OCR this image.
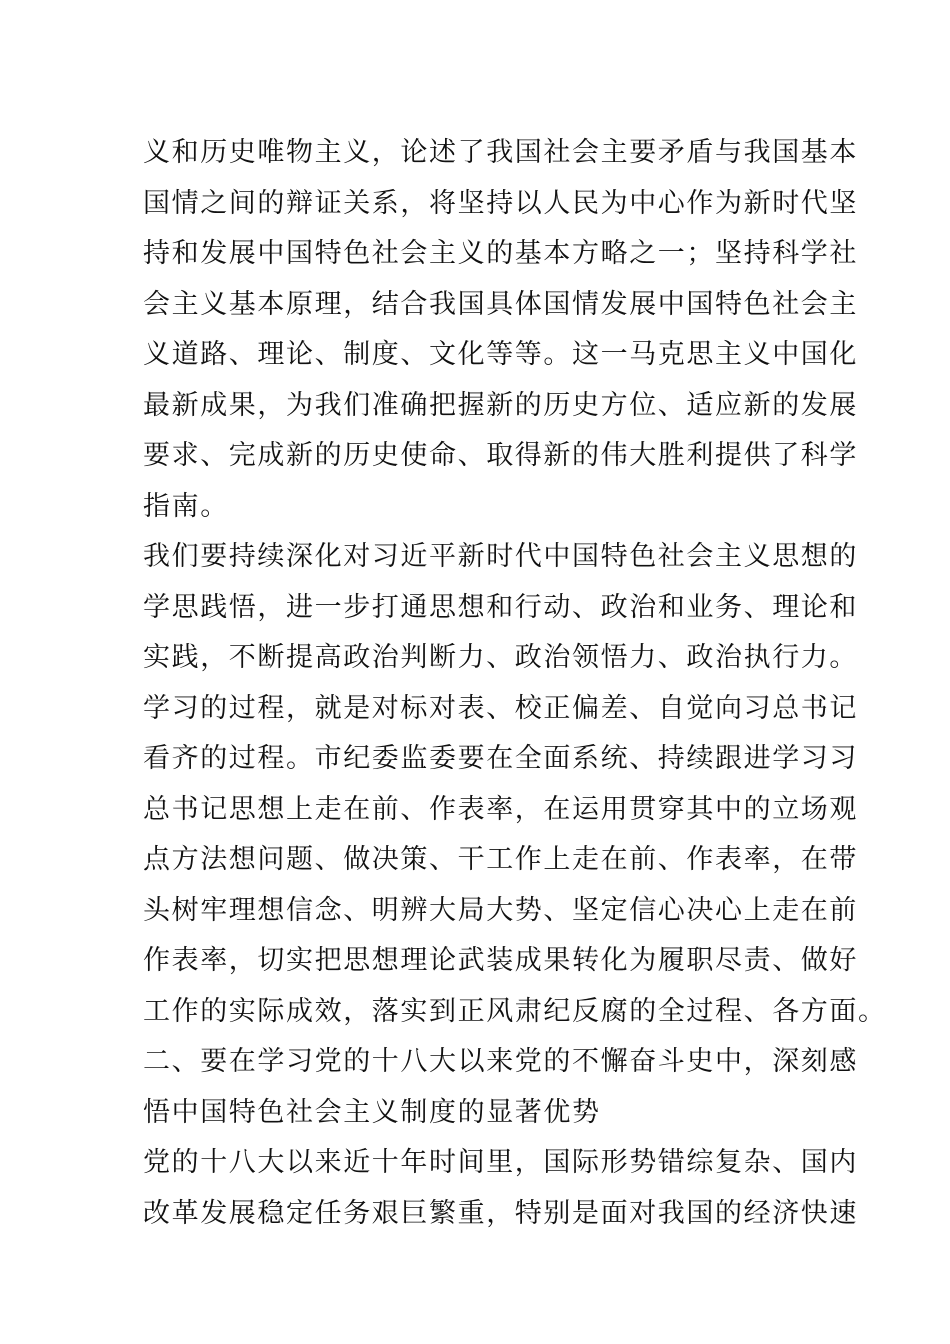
义和历史唯物主义，论述了我国社会主要矛盾与我国基本
国情之间的辩证关系，将坚持以人民为中心作为新时代坚
持和发展中国特色社会主义的基本方略之一；坚持科学社
会主义基本原理，结合我国具体国情发展中国特色社会主
义道路、理论、制度、文化等等。这一马克思主义中国化
最新成果，为我们准确把握新的历史方位、适应新的发展
要求、完成新的历史使命、取得新的伟大胜利提供了科学
指南。
我们要持续深化对习近平新时代中国特色社会主义思想的
学思践悟，进一步打通思想和行动、政治和业务、理论和
实践，不断提高政治判断力、政治领悟力、政治执行力。
学习的过程，就是对标对表、校正偏差、自觉向习总书记
看齐的过程。市纪委监委要在全面系统、持续跟进学习习
总书记思想上走在前、作表率，在运用贯穿其中的立场观
点方法想问题、做决策、干工作上走在前、作表率，在带
头树牢理想信念、明辨大局大势、坚定信心决心上走在前
作表率，切实把思想理论武装成果转化为履职尽责、做好
工作的实际成效，落实到正风肃纪反腐的全过程、各方面。
二、要在学习党的十八大以来党的不懈奋斗史中，深刻感
悟中国特色社会主义制度的显著优势
党的十八大以来近十年时间里，国际形势错综复杂、国内
改革发展稳定任务艰巨繁重，特别是面对我国的经济快速
